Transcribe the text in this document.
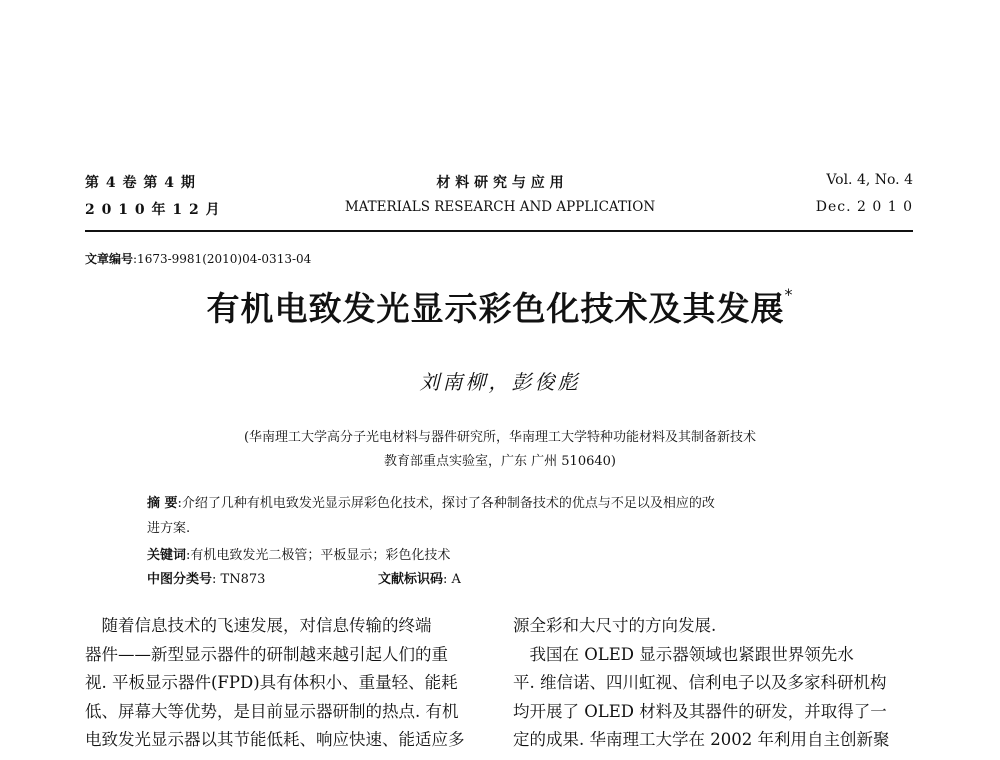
第 4 卷 第 4 期
2 0 1 0 年 1 2 月
材 料 研 究 与 应 用
MATERIALS RESEARCH AND APPLICATION
Vol. 4, No. 4
Dec. 2 0 1 0
文章编号:1673-9981(2010)04-0313-04
有机电致发光显示彩色化技术及其发展*
刘南柳，彭俊彪
(华南理工大学高分子光电材料与器件研究所，华南理工大学特种功能材料及其制备新技术
教育部重点实验室，广东 广州 510640)
摘 要:介绍了几种有机电致发光显示屏彩色化技术，探讨了各种制备技术的优点与不足以及相应的改
进方案.
关键词:有机电致发光二极管；平板显示；彩色化技术
中图分类号: TN873	文献标识码: A
　随着信息技术的飞速发展，对信息传输的终端
器件——新型显示器件的研制越来越引起人们的重
视. 平板显示器件(FPD)具有体积小、重量轻、能耗
低、屏幕大等优势，是目前显示器研制的热点. 有机
电致发光显示器以其节能低耗、响应快速、能适应多
源全彩和大尺寸的方向发展.
　我国在 OLED 显示器领域也紧跟世界领先水
平. 维信诺、四川虹视、信利电子以及多家科研机构
均开展了 OLED 材料及其器件的研发，并取得了一
定的成果. 华南理工大学在 2002 年利用自主创新聚
